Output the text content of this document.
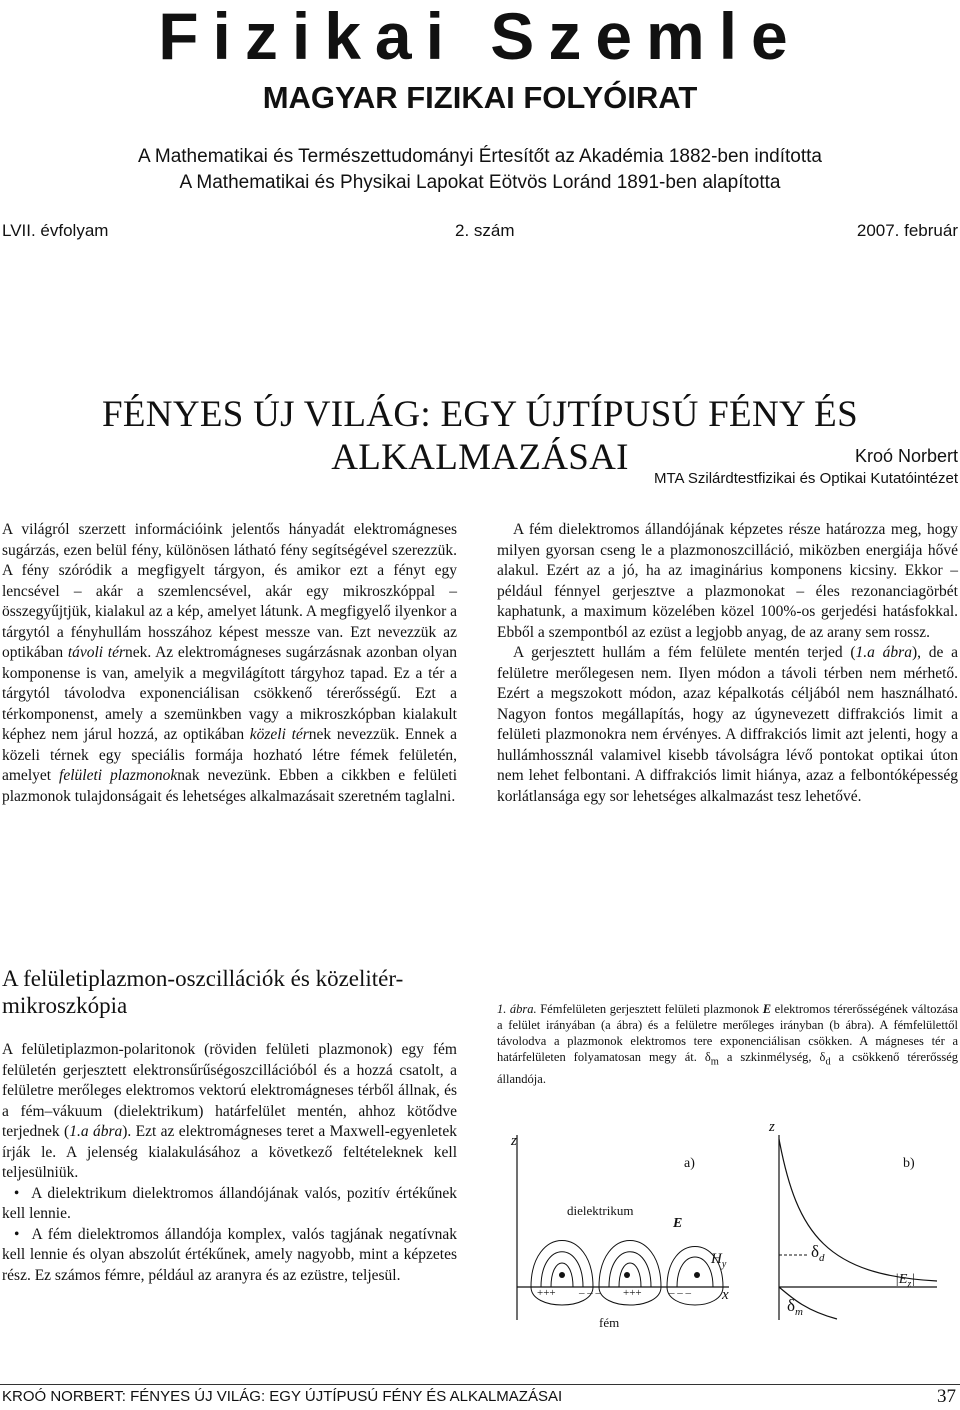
Fizikai Szemle
MAGYAR FIZIKAI FOLYÓIRAT
A Mathematikai és Természettudományi Értesítőt az Akadémia 1882-ben indította
A Mathematikai és Physikai Lapokat Eötvös Loránd 1891-ben alapította
LVII. évfolyam	2. szám	2007. február
FÉNYES ÚJ VILÁG: EGY ÚJTÍPUSÚ FÉNY ÉS ALKALMAZÁSAI	Kroó Norbert
MTA Szilárdtestfizikai és Optikai Kutatóintézet

A világról szerzett információink jelentős hányadát elektromágneses sugárzás, ezen belül fény, különösen látható fény segítségével szerezzük. A fény szóródik a megfigyelt tárgyon, és amikor ezt a fényt egy lencsével – akár a szemlencsével, akár egy mikroszkóppal – összegyűjtjük, kialakul az a kép, amelyet látunk. A megfigyelő ilyenkor a tárgytól a fényhullám hosszához képest messze van. Ezt nevezzük az optikában távoli térnek. Az elektromágneses sugárzásnak azonban olyan komponense is van, amelyik a megvilágított tárgyhoz tapad. Ez a tér a tárgytól távolodva exponenciálisan csökkenő térerősségű. Ezt a térkomponenst, amely a szemünkben vagy a mikroszkópban kialakult képhez nem járul hozzá, az optikában közeli térnek nevezzük. Ennek a közeli térnek egy speciális formája hozható létre fémek felületén, amelyet felületi plazmonoknak nevezünk. Ebben a cikkben e felületi plazmonok tulajdonságait és lehetséges alkalmazásait szeretném taglalni.

A felületiplazmon-oszcillációk és közelitér-mikroszkópia

A felületiplazmon-polaritonok (röviden felületi plazmonok) egy fém felületén gerjesztett elektronsűrűségoszcillációból és a hozzá csatolt, a felületre merőleges elektromos vektorú elektromágneses térből állnak, és a fém–vákuum (dielektrikum) határfelület mentén, ahhoz kötődve terjednek (1.a ábra). Ezt az elektromágneses teret a Maxwell-egyenletek írják le. A jelenség kialakulásához a következő feltételeknek kell teljesülniük.

•  A dielektrikum dielektromos állandójának valós, pozitív értékűnek kell lennie.

•  A fém dielektromos állandója komplex, valós tagjának negatívnak kell lennie és olyan abszolút értékűnek, amely nagyobb, mint a képzetes rész. Ez számos fémre, például az aranyra és az ezüstre, teljesül.

A fém dielektromos állandójának képzetes része határozza meg, hogy milyen gyorsan cseng le a plazmonoszcilláció, miközben energiája hővé alakul. Ezért az a jó, ha az imaginárius komponens kicsiny. Ekkor – például fénnyel gerjesztve a plazmonokat – éles rezonanciagörbét kaphatunk, a maximum közelében közel 100%-os gerjedési hatásfokkal. Ebből a szempontból az ezüst a legjobb anyag, de az arany sem rossz.

A gerjesztett hullám a fém felülete mentén terjed (1.a ábra), de a felületre merőlegesen nem. Ilyen módon a távoli térben nem mérhető. Ezért a megszokott módon, azaz képalkotás céljából nem használható. Nagyon fontos megállapítás, hogy az úgynevezett diffrakciós limit a felületi plazmonokra nem érvényes. A diffrakciós limit azt jelenti, hogy a hullámhossznál valamivel kisebb távolságra lévő pontokat optikai úton nem lehet felbontani. A diffrakciós limit hiánya, azaz a felbontóképesség korlátlansága egy sor lehetséges alkalmazást tesz lehetővé.

1. ábra. Fémfelületen gerjesztett felületi plazmonok E elektromos térerősségének változása a felület irányában (a ábra) és a felületre merőleges irányban (b ábra). A fémfelülettől távolodva a plazmonok elektromos tere exponenciálisan csökken. A mágneses tér a határfelületen folyamatosan megy át. $\delta_m$ a szkinmélység, $\delta_d$ a csökkenő térerősség állandója.
z
a)
dielektrikum
E
$H_y$
x
fém
+++ – – – +++ – – –
z
b)
$\delta_d$
$\delta_m$
$|E_z|$
KROÓ NORBERT: FÉNYES ÚJ VILÁG: EGY ÚJTÍPUSÚ FÉNY ÉS ALKALMAZÁSAI	37
